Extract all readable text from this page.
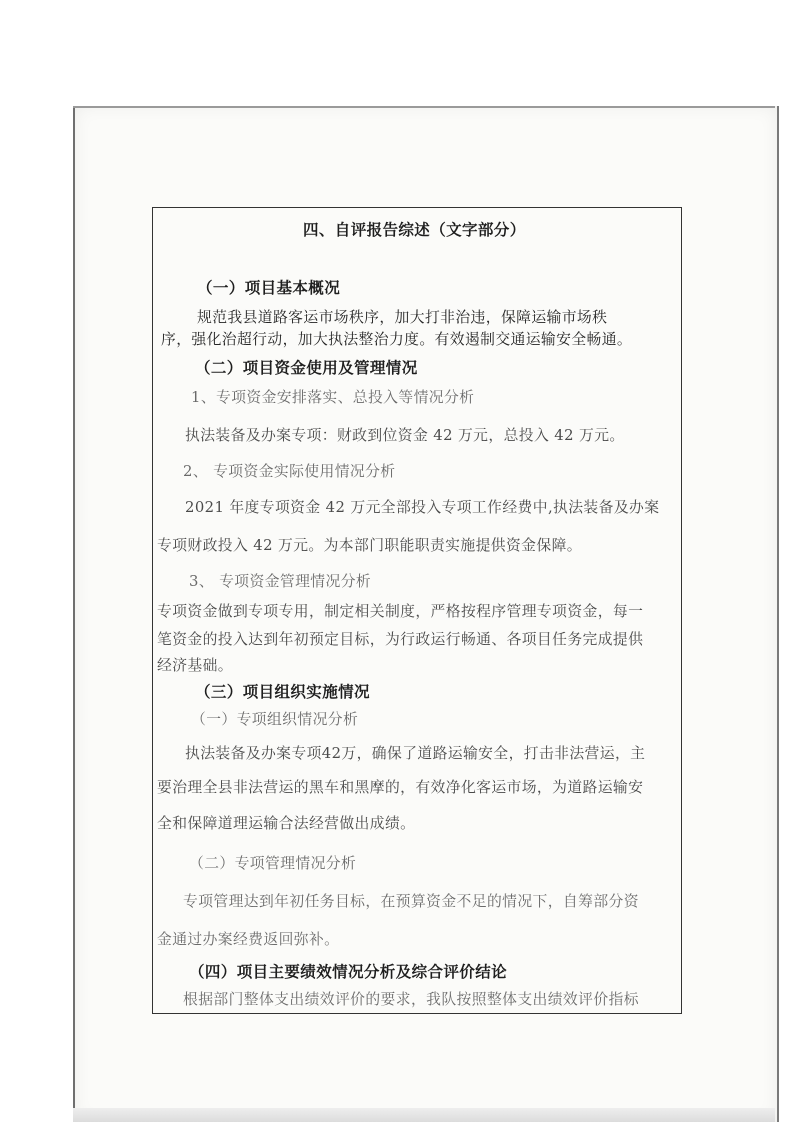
四、自评报告综述（文字部分）
（一）项目基本概况
规范我县道路客运市场秩序，加大打非治违，保障运输市场秩
序，强化治超行动，加大执法整治力度。有效遏制交通运输安全畅通。
（二）项目资金使用及管理情况
1、专项资金安排落实、总投入等情况分析
执法装备及办案专项：财政到位资金 42 万元，总投入 42 万元。
2、 专项资金实际使用情况分析
2021 年度专项资金 42 万元全部投入专项工作经费中,执法装备及办案
专项财政投入 42 万元。为本部门职能职责实施提供资金保障。
3、 专项资金管理情况分析
专项资金做到专项专用，制定相关制度，严格按程序管理专项资金，每一
笔资金的投入达到年初预定目标，为行政运行畅通、各项目任务完成提供
经济基础。
（三）项目组织实施情况
（一）专项组织情况分析
执法装备及办案专项42万，确保了道路运输安全，打击非法营运，主
要治理全县非法营运的黑车和黑摩的，有效净化客运市场，为道路运输安
全和保障道理运输合法经营做出成绩。
（二）专项管理情况分析
专项管理达到年初任务目标，在预算资金不足的情况下，自筹部分资
金通过办案经费返回弥补。
（四）项目主要绩效情况分析及综合评价结论
根据部门整体支出绩效评价的要求，我队按照整体支出绩效评价指标
